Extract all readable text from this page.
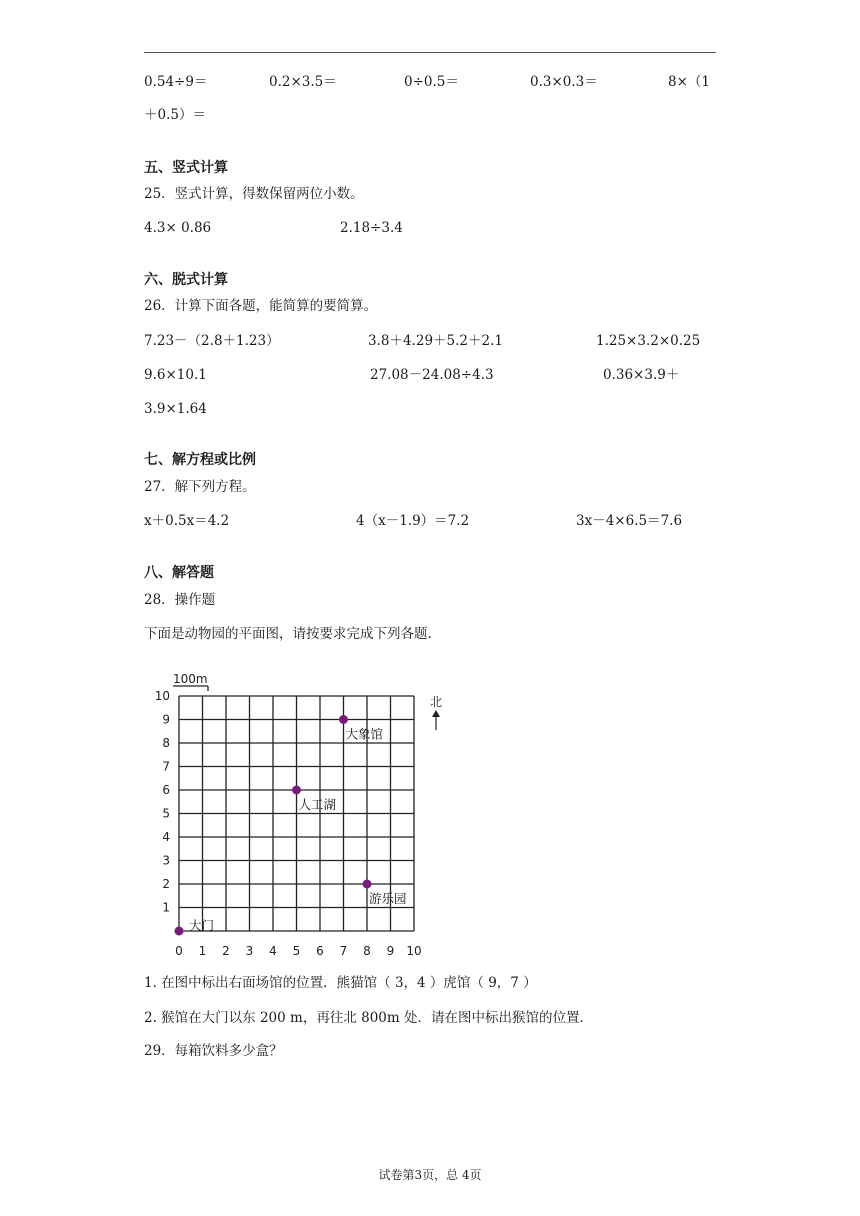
0.54÷9＝	0.2×3.5＝	0÷0.5＝	0.3×0.3＝	8×（1
＋0.5）＝
五、竖式计算
25．竖式计算，得数保留两位小数。
4.3× 0.86	2.18÷3.4
六、脱式计算
26．计算下面各题，能简算的要简算。
7.23－（2.8＋1.23）	3.8＋4.29＋5.2＋2.1	1.25×3.2×0.25
9.6×10.1	27.08－24.08÷4.3	0.36×3.9＋
3.9×1.64
七、解方程或比例
27．解下列方程。
x＋0.5x＝4.2	4（x－1.9）＝7.2	3x－4×6.5＝7.6
八、解答题
28．操作题
下面是动物园的平面图，请按要求完成下列各题.
0 1 2 3 4 5 6 7 8 9 10
1
2
3
4
5
6
7
8
9
10
100m
北
大门
大象馆
人工湖
游乐园
1. 在图中标出右面场馆的位置．熊猫馆（ 3，4 ）虎馆（ 9，7 ）
2. 猴馆在大门以东 200 m，再往北 800m 处．请在图中标出猴馆的位置．
29．每箱饮料多少盒？
试卷第3页，总 4页
